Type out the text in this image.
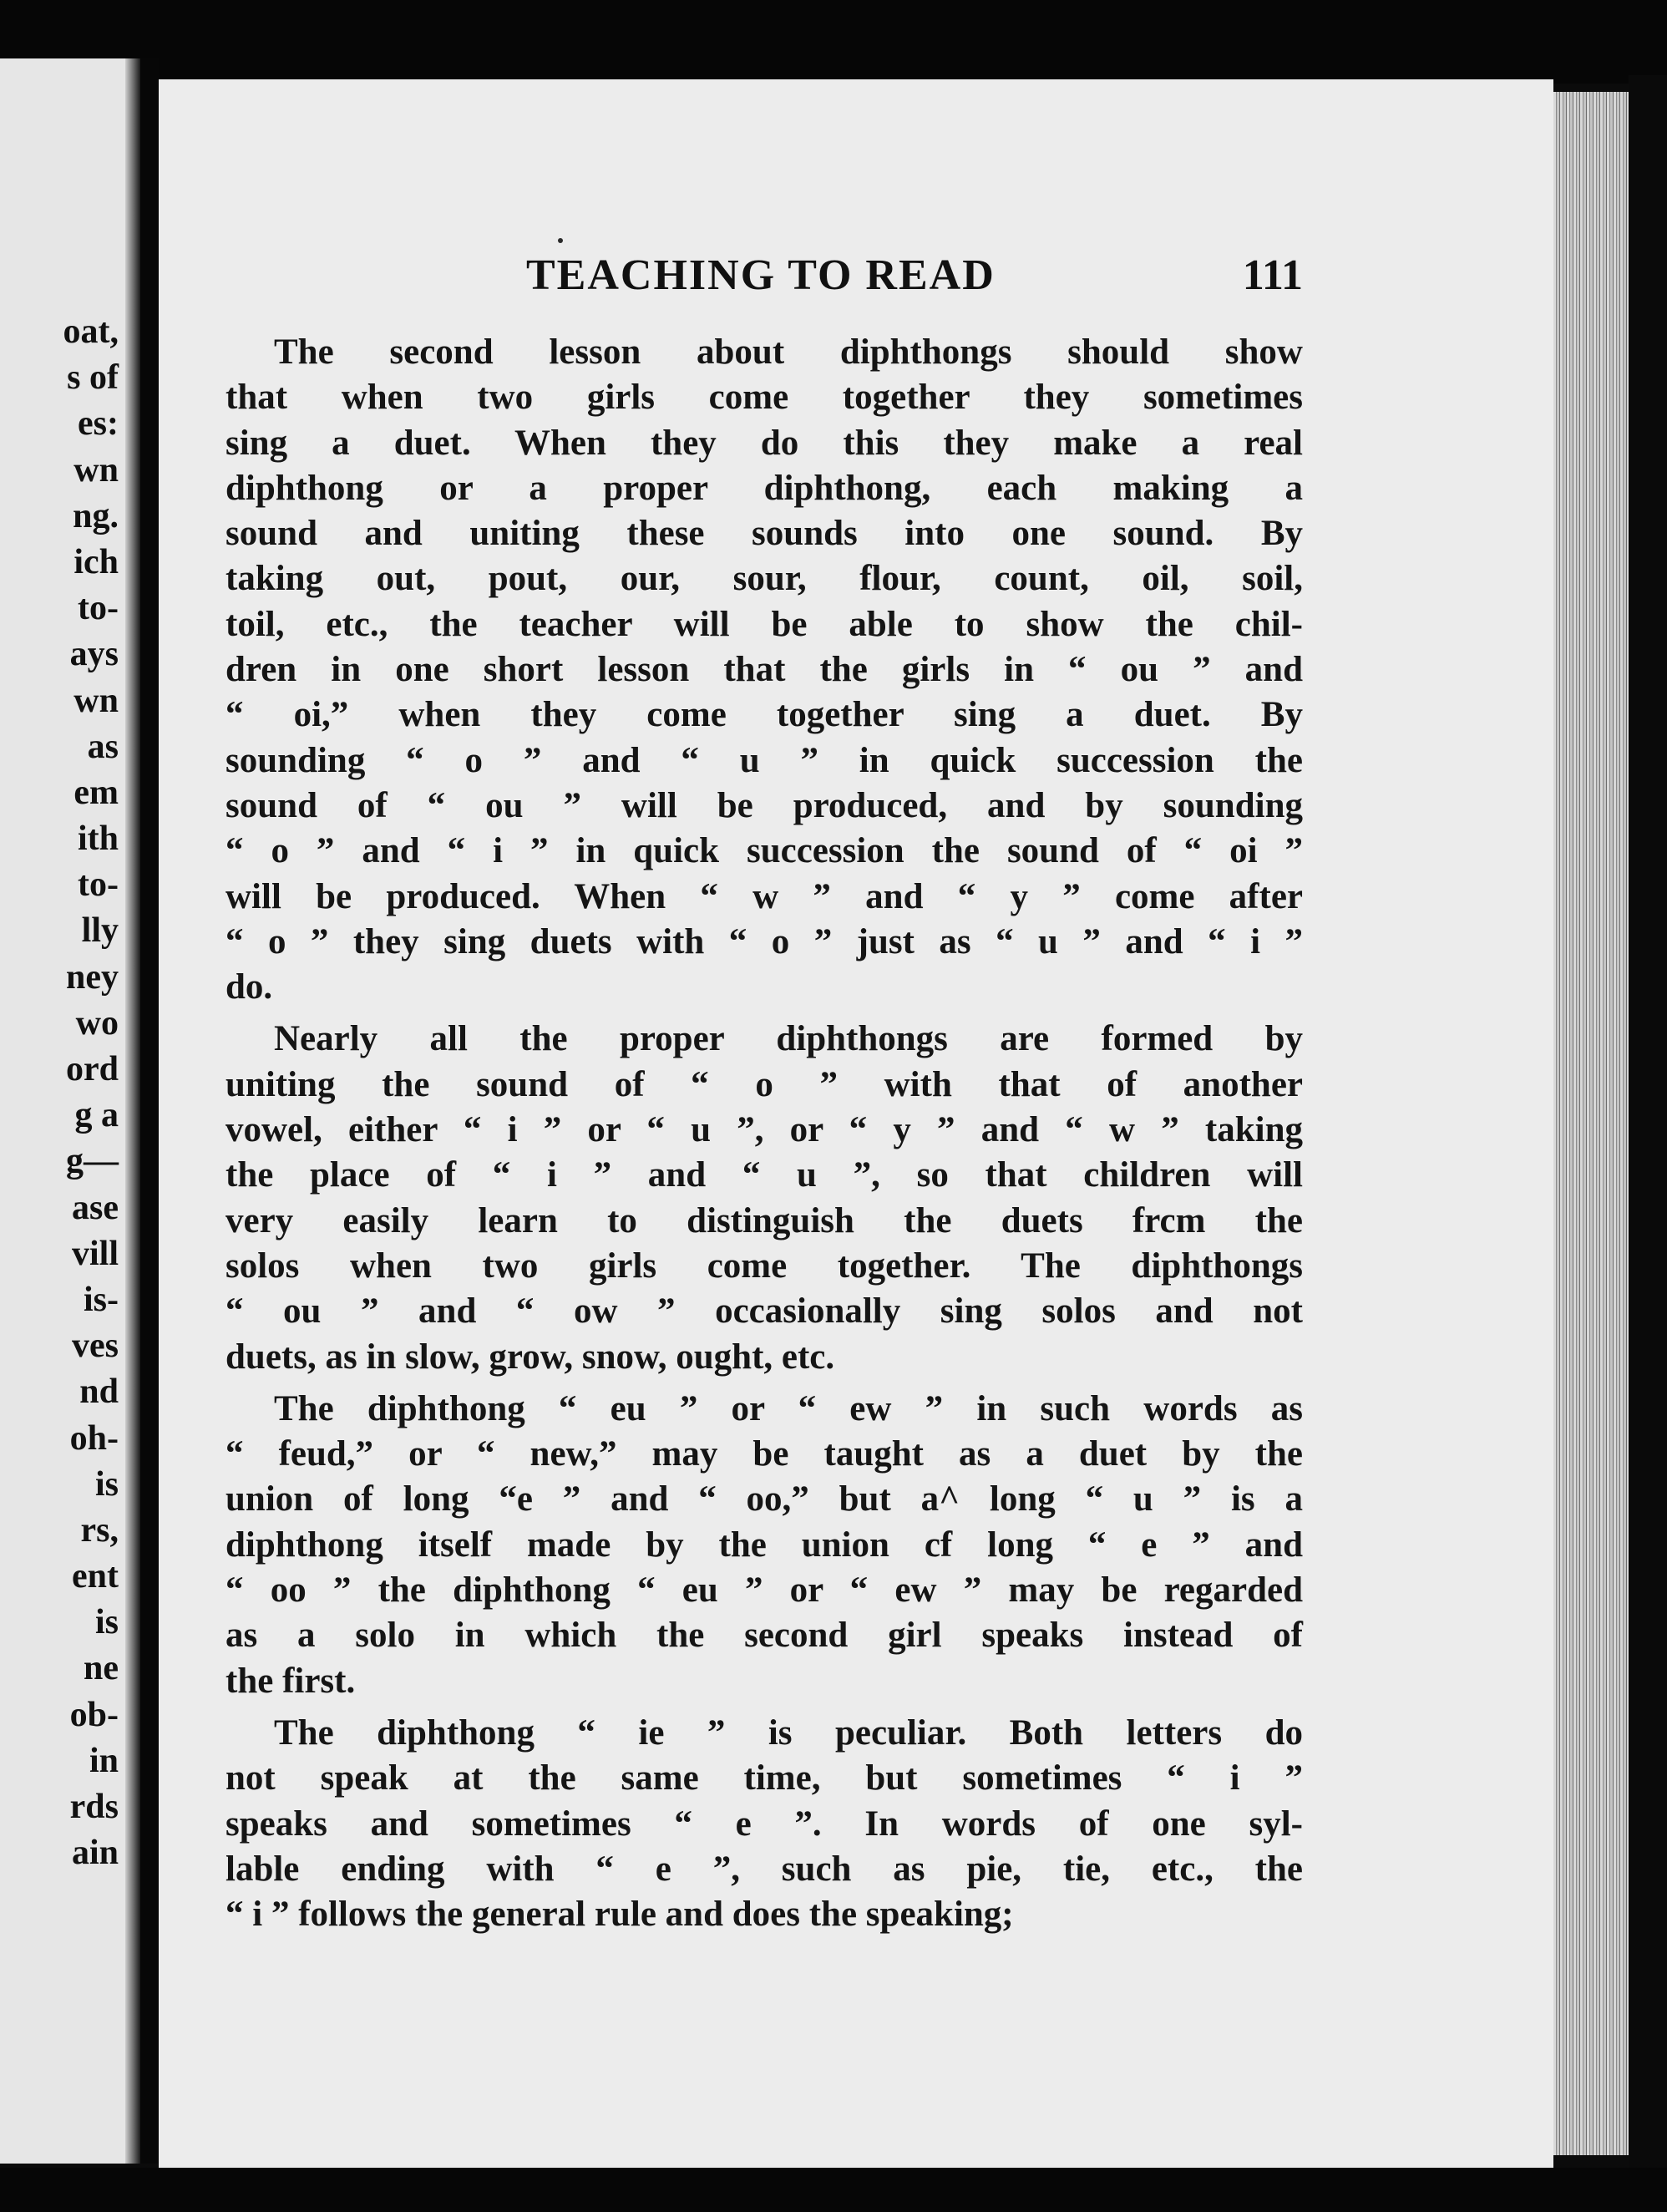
oat,
s of
es:
wn
ng.
ich
to-
ays
wn
as
em
ith
to-
lly
ney
wo
ord
g a
g—
ase
vill
is-
ves
nd
oh-
is
rs,
ent
is
ne
ob-
in
rds
ain
TEACHING TO READ	111
The second lesson about diphthongs should show
that when two girls come together they sometimes
sing a duet. When they do this they make a real
diphthong or a proper diphthong, each making a
sound and uniting these sounds into one sound. By
taking out, pout, our, sour, flour, count, oil, soil,
toil, etc., the teacher will be able to show the chil-
dren in one short lesson that the girls in “ ou ” and
“ oi,” when they come together sing a duet. By
sounding “ o ” and “ u ” in quick succession the
sound of “ ou ” will be produced, and by sounding
“ o ” and “ i ” in quick succession the sound of “ oi ”
will be produced. When “ w ” and “ y ” come after
“ o ” they sing duets with “ o ” just as “ u ” and “ i ”
do.
Nearly all the proper diphthongs are formed by
uniting the sound of “ o ” with that of another
vowel, either “ i ” or “ u ”, or “ y ” and “ w ” taking
the place of “ i ” and “ u ”, so that children will
very easily learn to distinguish the duets frcm the
solos when two girls come together. The diphthongs
“ ou ” and “ ow ” occasionally sing solos and not
duets, as in slow, grow, snow, ought, etc.
The diphthong “ eu ” or “ ew ” in such words as
“ feud,” or “ new,” may be taught as a duet by the
union of long “e ” and “ oo,” but a^ long “ u ” is a
diphthong itself made by the union cf long “ e ” and
“ oo ” the diphthong “ eu ” or “ ew ” may be regarded
as a solo in which the second girl speaks instead of
the first.
The diphthong “ ie ” is peculiar. Both letters do
not speak at the same time, but sometimes “ i ”
speaks and sometimes “ e ”. In words of one syl-
lable ending with “ e ”, such as pie, tie, etc., the
“ i ” follows the general rule and does the speaking;
